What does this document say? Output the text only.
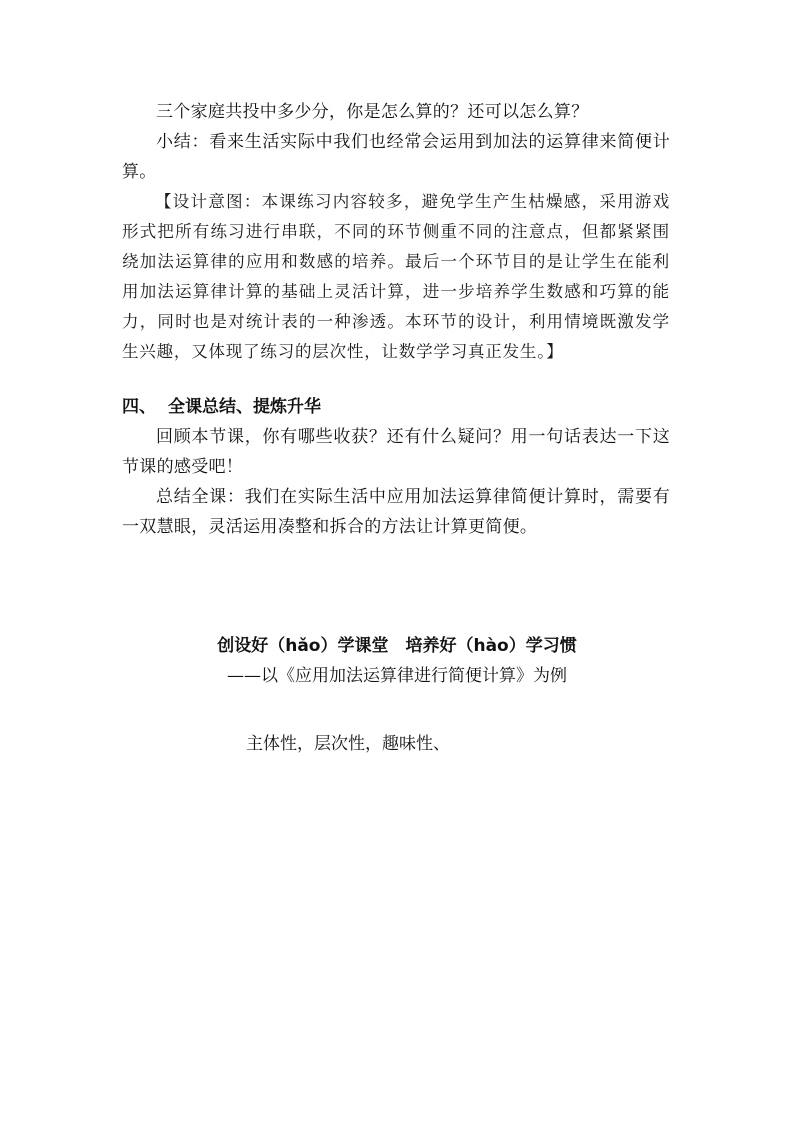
三个家庭共投中多少分，你是怎么算的？还可以怎么算？
小结：看来生活实际中我们也经常会运用到加法的运算律来简便计算。
【设计意图：本课练习内容较多，避免学生产生枯燥感，采用游戏形式把所有练习进行串联，不同的环节侧重不同的注意点，但都紧紧围绕加法运算律的应用和数感的培养。最后一个环节目的是让学生在能利用加法运算律计算的基础上灵活计算，进一步培养学生数感和巧算的能力，同时也是对统计表的一种渗透。本环节的设计，利用情境既激发学生兴趣，又体现了练习的层次性，让数学学习真正发生。】
四、 全课总结、提炼升华
回顾本节课，你有哪些收获？还有什么疑问？用一句话表达一下这节课的感受吧！
总结全课：我们在实际生活中应用加法运算律简便计算时，需要有一双慧眼，灵活运用凑整和拆合的方法让计算更简便。
创设好（hǎo）学课堂　培养好（hào）学习惯
——以《应用加法运算律进行简便计算》为例
主体性，层次性，趣味性、
